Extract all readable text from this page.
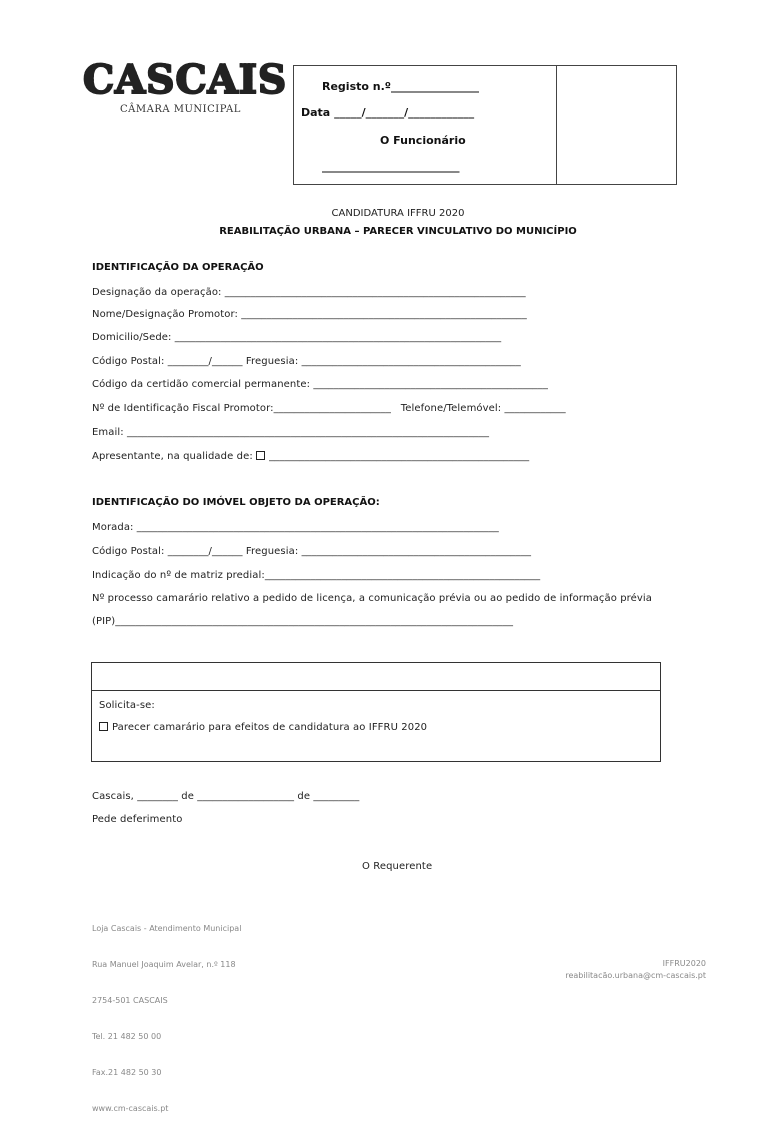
CASCAIS
CÂMARA MUNICIPAL
Registo n.º________________
Data _____/_______/____________
O Funcionário
_________________________
CANDIDATURA IFFRU 2020
REABILITAÇÃO URBANA – PARECER VINCULATIVO DO MUNICÍPIO
IDENTIFICAÇÃO DA OPERAÇÃO
Designação da operação: ___________________________________________________________
Nome/Designação Promotor: ________________________________________________________
Domicilio/Sede: ________________________________________________________________
Código Postal: ________/______ Freguesia: ___________________________________________
Código da certidão comercial permanente: ______________________________________________
Nº de Identificação Fiscal Promotor:_______________________   Telefone/Telemóvel: ____________
Email: _______________________________________________________________________
Apresentante, na qualidade de: ___________________________________________________
IDENTIFICAÇÃO DO IMÓVEL OBJETO DA OPERAÇÃO:
Morada: _______________________________________________________________________
Código Postal: ________/______ Freguesia: _____________________________________________
Indicação do nº de matriz predial:______________________________________________________
Nº processo camarário relativo a pedido de licença, a comunicação prévia ou ao pedido de informação prévia
(PIP)______________________________________________________________________________
Solicita-se:
Parecer camarário para efeitos de candidatura ao IFFRU 2020
Cascais, ________ de ___________________ de _________
Pede deferimento
O Requerente

Loja Cascais - Atendimento Municipal

Rua Manuel Joaquim Avelar, n.º 118

2754-501 CASCAIS

Tel. 21 482 50 00

Fax.21 482 50 30

www.cm-cascais.pt

IFFRU2020
reabilitacão.urbana@cm-cascais.pt
